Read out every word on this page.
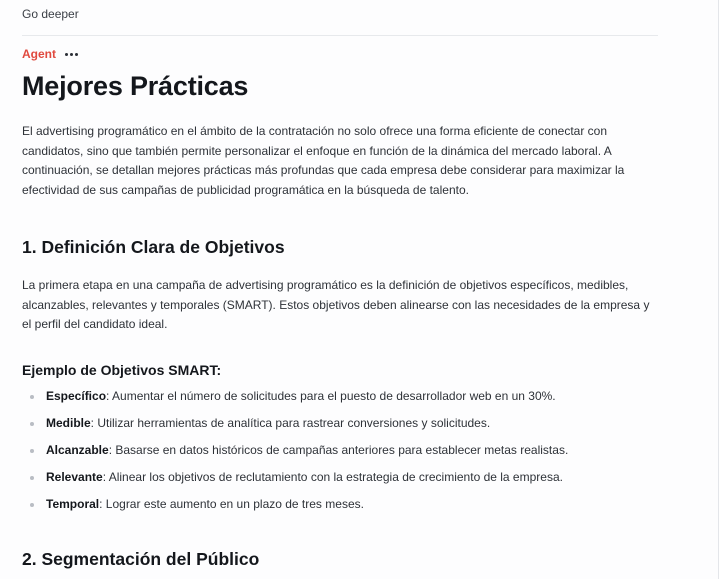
Go deeper
Agent
Mejores Prácticas

El advertising programático en el ámbito de la contratación no solo ofrece una forma eficiente de conectar con candidatos, sino que también permite personalizar el enfoque en función de la dinámica del mercado laboral. A continuación, se detallan mejores prácticas más profundas que cada empresa debe considerar para maximizar la efectividad de sus campañas de publicidad programática en la búsqueda de talento.

1. Definición Clara de Objetivos

La primera etapa en una campaña de advertising programático es la definición de objetivos específicos, medibles, alcanzables, relevantes y temporales (SMART). Estos objetivos deben alinearse con las necesidades de la empresa y el perfil del candidato ideal.

Ejemplo de Objetivos SMART:
Específico: Aumentar el número de solicitudes para el puesto de desarrollador web en un 30%.
Medible: Utilizar herramientas de analítica para rastrear conversiones y solicitudes.
Alcanzable: Basarse en datos históricos de campañas anteriores para establecer metas realistas.
Relevante: Alinear los objetivos de reclutamiento con la estrategia de crecimiento de la empresa.
Temporal: Lograr este aumento en un plazo de tres meses.
2. Segmentación del Público
